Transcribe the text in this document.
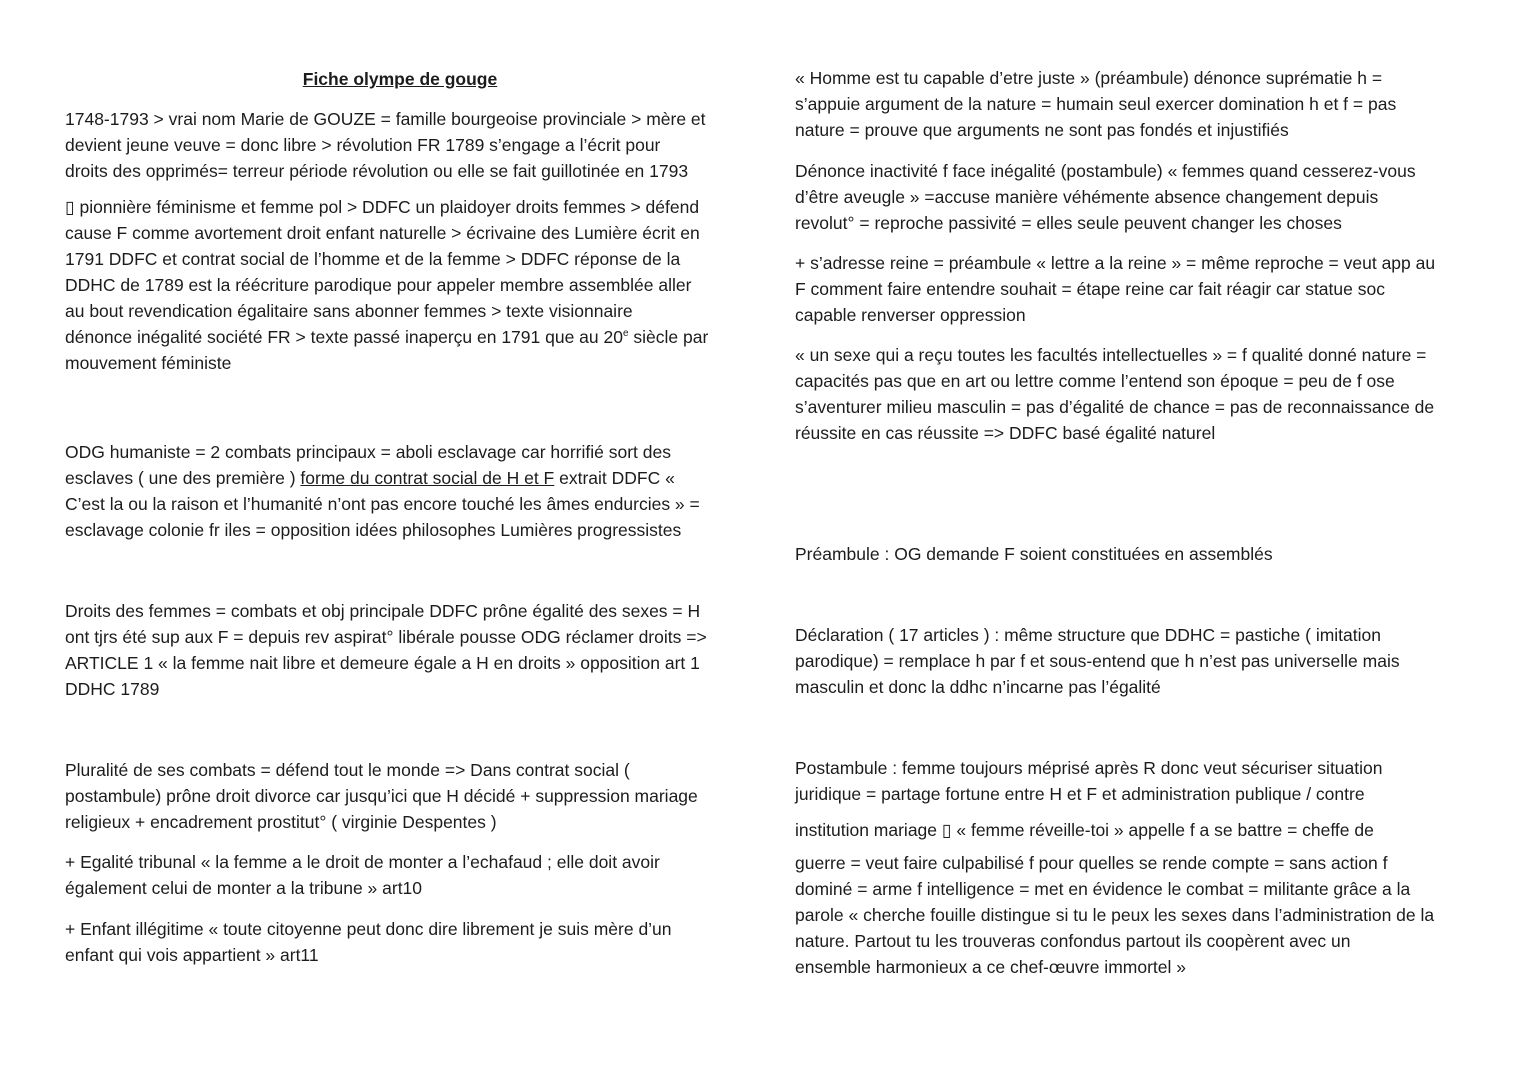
Fiche olympe de gouge

1748-1793 > vrai nom Marie de GOUZE = famille bourgeoise provinciale > mère et
devient jeune veuve = donc libre > révolution FR 1789 s’engage a l’écrit pour
droits des opprimés= terreur période révolution ou elle se fait guillotinée en 1793

▯ pionnière féminisme et femme pol > DDFC un plaidoyer droits femmes > défend
cause F comme avortement droit enfant naturelle > écrivaine des Lumière écrit en
1791 DDFC et contrat social de l’homme et de la femme > DDFC réponse de la
DDHC de 1789 est la réécriture parodique pour appeler membre assemblée aller
au bout revendication égalitaire sans abonner femmes > texte visionnaire
dénonce inégalité société FR > texte passé inaperçu en 1791 que au 20e siècle par
mouvement féministe

ODG humaniste = 2 combats principaux = aboli esclavage car horrifié sort des
esclaves ( une des première ) forme du contrat social de H et F extrait DDFC «
C’est la ou la raison et l’humanité n’ont pas encore touché les âmes endurcies » =
esclavage colonie fr iles = opposition idées philosophes Lumières progressistes

Droits des femmes = combats et obj principale DDFC prône égalité des sexes = H
ont tjrs été sup aux F = depuis rev aspirat° libérale pousse ODG réclamer droits =>
ARTICLE 1 « la femme nait libre et demeure égale a H en droits » opposition art 1
DDHC 1789

Pluralité de ses combats = défend tout le monde => Dans contrat social (
postambule) prône droit divorce car jusqu’ici que H décidé + suppression mariage
religieux + encadrement prostitut° ( virginie Despentes )

+ Egalité tribunal « la femme a le droit de monter a l’echafaud ; elle doit avoir
également celui de monter a la tribune » art10

+ Enfant illégitime « toute citoyenne peut donc dire librement je suis mère d’un
enfant qui vois appartient » art11

« Homme est tu capable d’etre juste » (préambule) dénonce suprématie h =
s’appuie argument de la nature = humain seul exercer domination h et f = pas
nature = prouve que arguments ne sont pas fondés et injustifiés

Dénonce inactivité f face inégalité (postambule) « femmes quand cesserez-vous
d’être aveugle » =accuse manière véhémente absence changement depuis
revolut° = reproche passivité = elles seule peuvent changer les choses

+ s’adresse reine = préambule « lettre a la reine » = même reproche = veut app au
F comment faire entendre souhait = étape reine car fait réagir car statue soc
capable renverser oppression

« un sexe qui a reçu toutes les facultés intellectuelles » = f qualité donné nature =
capacités pas que en art ou lettre comme l’entend son époque = peu de f ose
s’aventurer milieu masculin = pas d’égalité de chance = pas de reconnaissance de
réussite en cas réussite => DDFC basé égalité naturel

Préambule : OG demande F soient constituées en assemblés

Déclaration ( 17 articles ) : même structure que DDHC = pastiche ( imitation
parodique) = remplace h par f et sous-entend que h n’est pas universelle mais
masculin et donc la ddhc n’incarne pas l’égalité

Postambule : femme toujours méprisé après R donc veut sécuriser situation
juridique = partage fortune entre H et F et administration publique / contre

institution mariage ▯ « femme réveille-toi » appelle f a se battre = cheffe de

guerre = veut faire culpabilisé f pour quelles se rende compte = sans action f
dominé = arme f intelligence = met en évidence le combat = militante grâce a la
parole « cherche fouille distingue si tu le peux les sexes dans l’administration de la
nature. Partout tu les trouveras confondus partout ils coopèrent avec un
ensemble harmonieux a ce chef-œuvre immortel »
